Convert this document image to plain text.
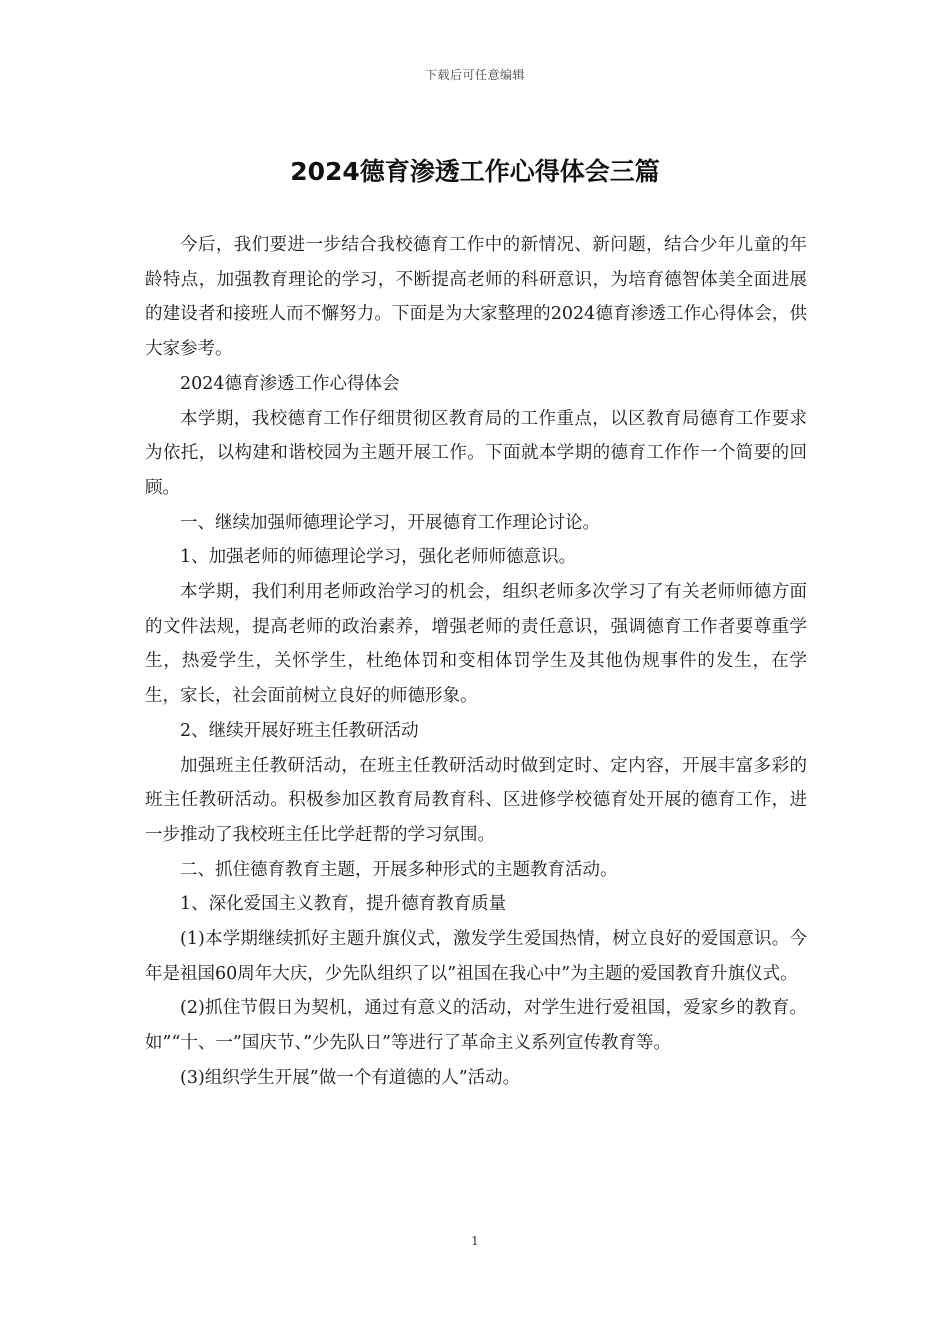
下载后可任意编辑
2024德育渗透工作心得体会三篇

今后，我们要进一步结合我校德育工作中的新情况、新问题，结合少年儿童的年龄特点，加强教育理论的学习，不断提高老师的科研意识，为培育德智体美全面进展的建设者和接班人而不懈努力。下面是为大家整理的2024德育渗透工作心得体会，供大家参考。

2024德育渗透工作心得体会

本学期，我校德育工作仔细贯彻区教育局的工作重点，以区教育局德育工作要求为依托，以构建和谐校园为主题开展工作。下面就本学期的德育工作作一个简要的回顾。

一、继续加强师德理论学习，开展德育工作理论讨论。

1、加强老师的师德理论学习，强化老师师德意识。

本学期，我们利用老师政治学习的机会，组织老师多次学习了有关老师师德方面的文件法规，提高老师的政治素养，增强老师的责任意识，强调德育工作者要尊重学生，热爱学生，关怀学生，杜绝体罚和变相体罚学生及其他伪规事件的发生，在学生，家长，社会面前树立良好的师德形象。

2、继续开展好班主任教研活动

加强班主任教研活动，在班主任教研活动时做到定时、定内容，开展丰富多彩的班主任教研活动。积极参加区教育局教育科、区进修学校德育处开展的德育工作，进一步推动了我校班主任比学赶帮的学习氛围。

二、抓住德育教育主题，开展多种形式的主题教育活动。

1、深化爱国主义教育，提升德育教育质量

(1)本学期继续抓好主题升旗仪式，激发学生爱国热情，树立良好的爱国意识。今年是祖国60周年大庆，少先队组织了以”祖国在我心中”为主题的爱国教育升旗仪式。

(2)抓住节假日为契机，通过有意义的活动，对学生进行爱祖国，爱家乡的教育。如”“十、一”国庆节、”少先队日”等进行了革命主义系列宣传教育等。

(3)组织学生开展”做一个有道德的人”活动。

1
